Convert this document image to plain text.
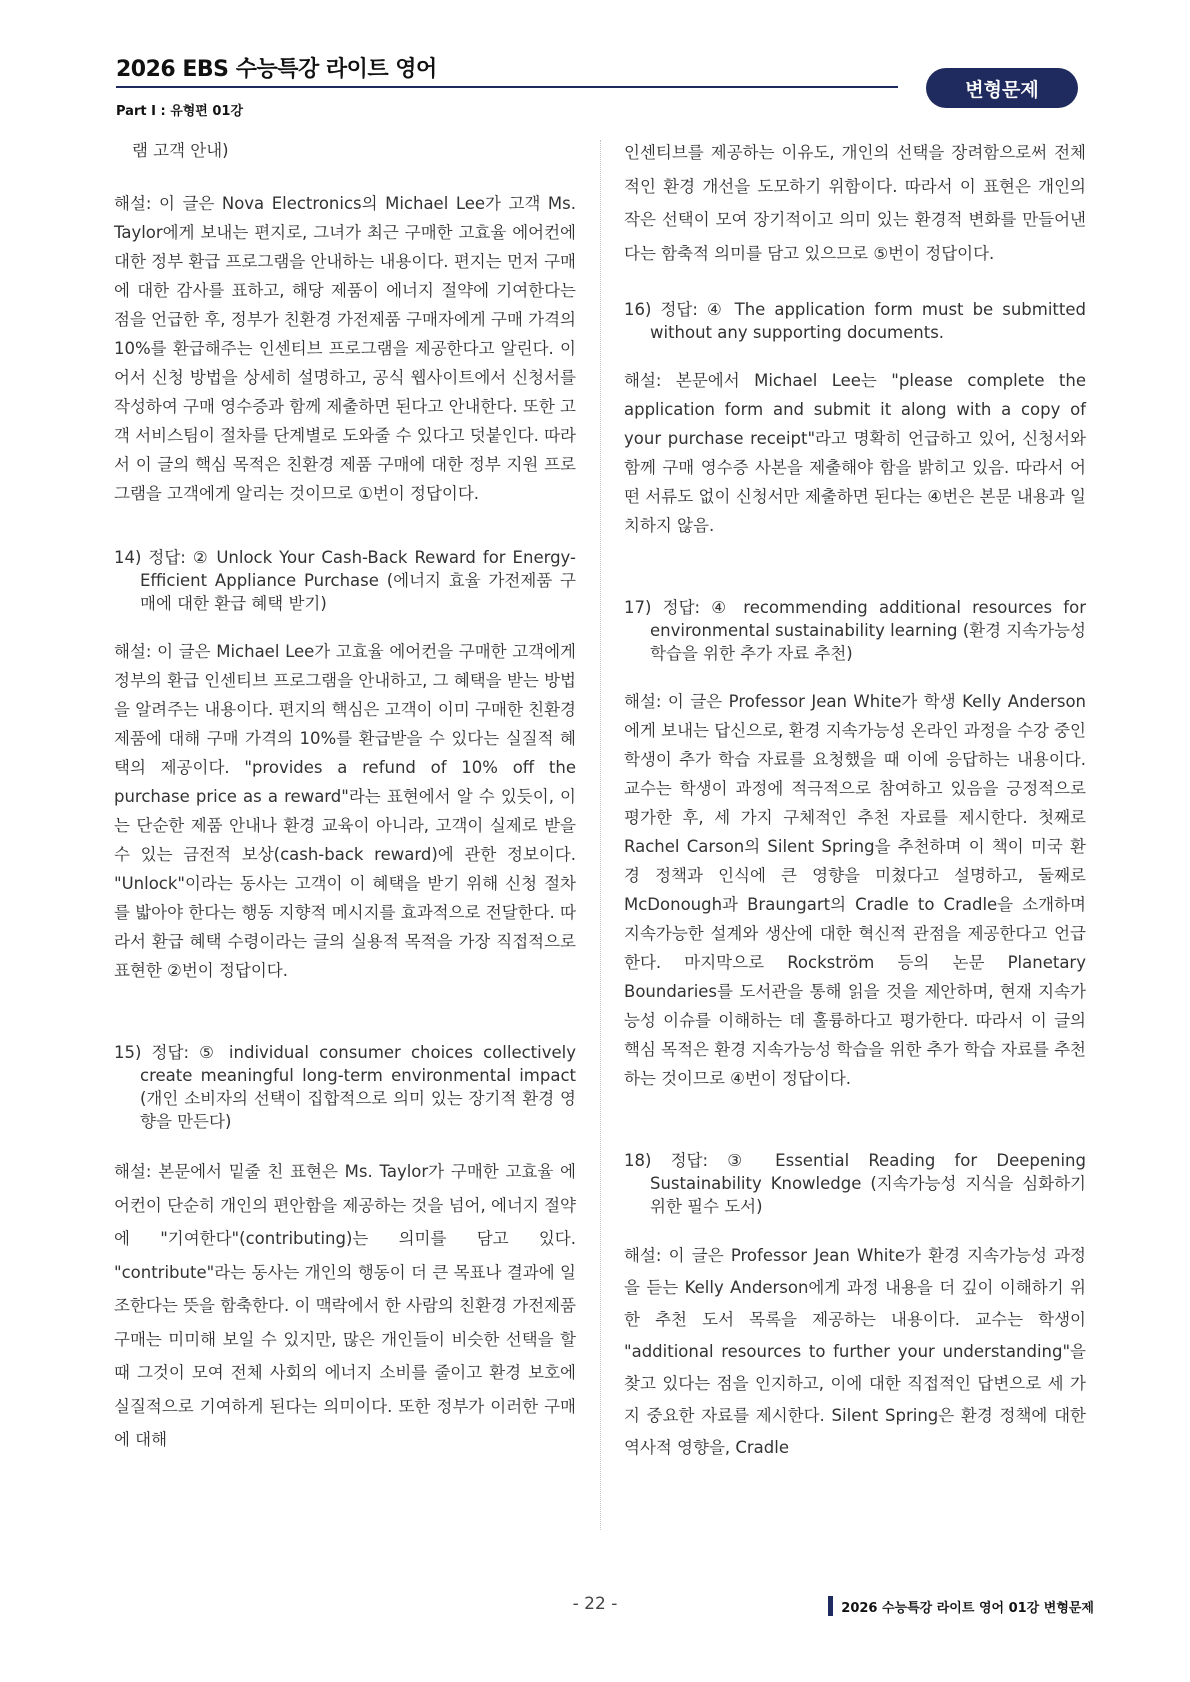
2026 EBS 수능특강 라이트 영어
Part Ⅰ : 유형편 01강
변형문제

램 고객 안내)

해설: 이 글은 Nova Electronics의 Michael Lee가 고객 Ms. Taylor에게 보내는 편지로, 그녀가 최근 구매한 고효율 에어컨에 대한 정부 환급 프로그램을 안내하는 내용이다. 편지는 먼저 구매에 대한 감사를 표하고, 해당 제품이 에너지 절약에 기여한다는 점을 언급한 후, 정부가 친환경 가전제품 구매자에게 구매 가격의 10%를 환급해주는 인센티브 프로그램을 제공한다고 알린다. 이어서 신청 방법을 상세히 설명하고, 공식 웹사이트에서 신청서를 작성하여 구매 영수증과 함께 제출하면 된다고 안내한다. 또한 고객 서비스팀이 절차를 단계별로 도와줄 수 있다고 덧붙인다. 따라서 이 글의 핵심 목적은 친환경 제품 구매에 대한 정부 지원 프로그램을 고객에게 알리는 것이므로 ①번이 정답이다.

14) 정답: ② Unlock Your Cash-Back Reward for Energy-Efficient Appliance Purchase (에너지 효율 가전제품 구매에 대한 환급 혜택 받기)

해설: 이 글은 Michael Lee가 고효율 에어컨을 구매한 고객에게 정부의 환급 인센티브 프로그램을 안내하고, 그 혜택을 받는 방법을 알려주는 내용이다. 편지의 핵심은 고객이 이미 구매한 친환경 제품에 대해 구매 가격의 10%를 환급받을 수 있다는 실질적 혜택의 제공이다. "provides a refund of 10% off the purchase price as a reward"라는 표현에서 알 수 있듯이, 이는 단순한 제품 안내나 환경 교육이 아니라, 고객이 실제로 받을 수 있는 금전적 보상(cash-back reward)에 관한 정보이다. "Unlock"이라는 동사는 고객이 이 혜택을 받기 위해 신청 절차를 밟아야 한다는 행동 지향적 메시지를 효과적으로 전달한다. 따라서 환급 혜택 수령이라는 글의 실용적 목적을 가장 직접적으로 표현한 ②번이 정답이다.

15) 정답: ⑤ individual consumer choices collectively create meaningful long-term environmental impact (개인 소비자의 선택이 집합적으로 의미 있는 장기적 환경 영향을 만든다)

해설: 본문에서 밑줄 친 표현은 Ms. Taylor가 구매한 고효율 에어컨이 단순히 개인의 편안함을 제공하는 것을 넘어, 에너지 절약에 "기여한다"(contributing)는 의미를 담고 있다. "contribute"라는 동사는 개인의 행동이 더 큰 목표나 결과에 일조한다는 뜻을 함축한다. 이 맥락에서 한 사람의 친환경 가전제품 구매는 미미해 보일 수 있지만, 많은 개인들이 비슷한 선택을 할 때 그것이 모여 전체 사회의 에너지 소비를 줄이고 환경 보호에 실질적으로 기여하게 된다는 의미이다. 또한 정부가 이러한 구매에 대해

인센티브를 제공하는 이유도, 개인의 선택을 장려함으로써 전체적인 환경 개선을 도모하기 위함이다. 따라서 이 표현은 개인의 작은 선택이 모여 장기적이고 의미 있는 환경적 변화를 만들어낸다는 함축적 의미를 담고 있으므로 ⑤번이 정답이다.

16) 정답: ④ The application form must be submitted without any supporting documents.

해설: 본문에서 Michael Lee는 "please complete the application form and submit it along with a copy of your purchase receipt"라고 명확히 언급하고 있어, 신청서와 함께 구매 영수증 사본을 제출해야 함을 밝히고 있음. 따라서 어떤 서류도 없이 신청서만 제출하면 된다는 ④번은 본문 내용과 일치하지 않음.

17) 정답: ④ recommending additional resources for environmental sustainability learning (환경 지속가능성 학습을 위한 추가 자료 추천)

해설: 이 글은 Professor Jean White가 학생 Kelly Anderson에게 보내는 답신으로, 환경 지속가능성 온라인 과정을 수강 중인 학생이 추가 학습 자료를 요청했을 때 이에 응답하는 내용이다. 교수는 학생이 과정에 적극적으로 참여하고 있음을 긍정적으로 평가한 후, 세 가지 구체적인 추천 자료를 제시한다. 첫째로 Rachel Carson의 Silent Spring을 추천하며 이 책이 미국 환경 정책과 인식에 큰 영향을 미쳤다고 설명하고, 둘째로 McDonough과 Braungart의 Cradle to Cradle을 소개하며 지속가능한 설계와 생산에 대한 혁신적 관점을 제공한다고 언급한다. 마지막으로 Rockström 등의 논문 Planetary Boundaries를 도서관을 통해 읽을 것을 제안하며, 현재 지속가능성 이슈를 이해하는 데 훌륭하다고 평가한다. 따라서 이 글의 핵심 목적은 환경 지속가능성 학습을 위한 추가 학습 자료를 추천하는 것이므로 ④번이 정답이다.

18) 정답: ③ Essential Reading for Deepening Sustainability Knowledge (지속가능성 지식을 심화하기 위한 필수 도서)

해설: 이 글은 Professor Jean White가 환경 지속가능성 과정을 듣는 Kelly Anderson에게 과정 내용을 더 깊이 이해하기 위한 추천 도서 목록을 제공하는 내용이다. 교수는 학생이 "additional resources to further your understanding"을 찾고 있다는 점을 인지하고, 이에 대한 직접적인 답변으로 세 가지 중요한 자료를 제시한다. Silent Spring은 환경 정책에 대한 역사적 영향을, Cradle

- 22 -	2026 수능특강 라이트 영어 01강 변형문제
